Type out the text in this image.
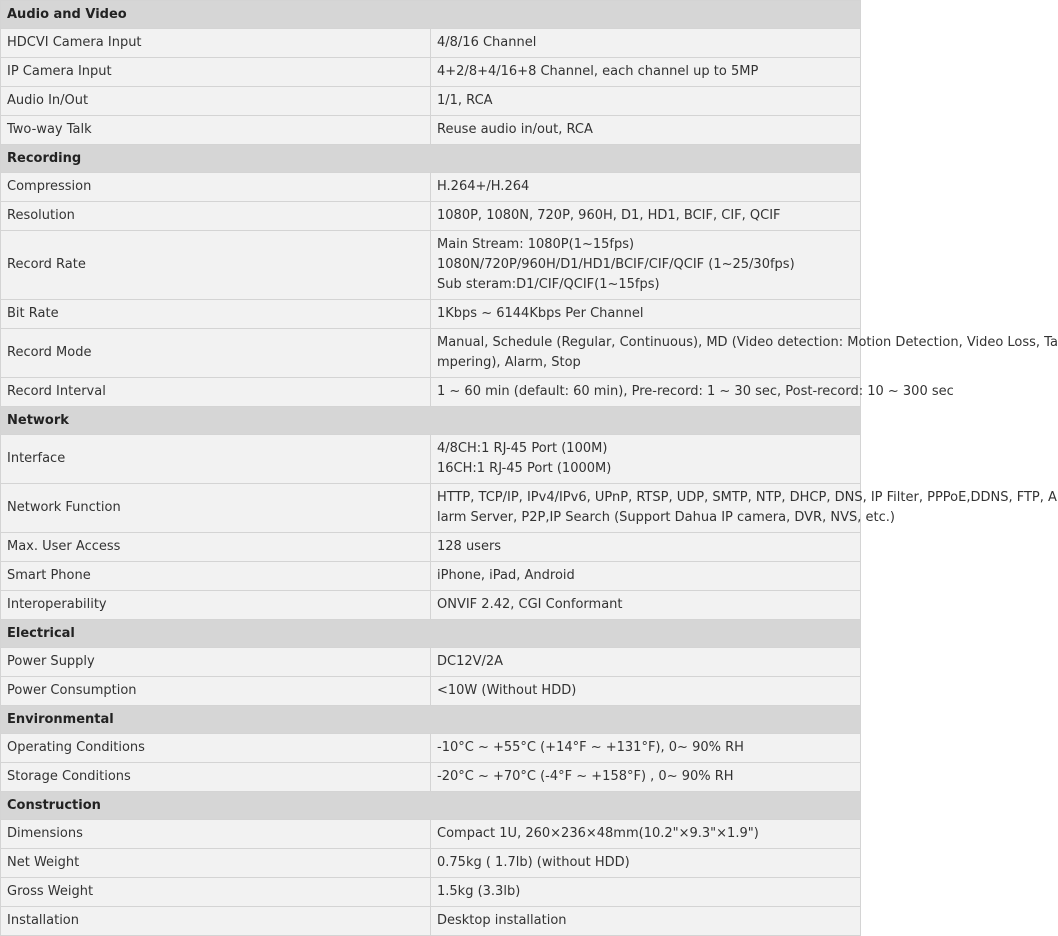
Audio and Video	
HDCVI Camera Input	4/8/16 Channel

IP Camera Input	4+2/8+4/16+8 Channel, each channel up to 5MP

Audio In/Out	1/1, RCA

Two-way Talk	Reuse audio in/out, RCA

Recording	
Compression	H.264+/H.264

Resolution	1080P, 1080N, 720P, 960H, D1, HD1, BCIF, CIF, QCIF

Record Rate	Main Stream: 1080P(1~15fps)
1080N/720P/960H/D1/HD1/BCIF/CIF/QCIF (1~25/30fps)
Sub steram:D1/CIF/QCIF(1~15fps)

Bit Rate	1Kbps ~ 6144Kbps Per Channel

Record Mode	Manual, Schedule (Regular, Continuous), MD (Video detection: Motion Detection, Video Loss, Ta
mpering), Alarm, Stop

Record Interval	1 ~ 60 min (default: 60 min), Pre-record: 1 ~ 30 sec, Post-record: 10 ~ 300 sec

Network	
Interface	4/8CH:1 RJ-45 Port (100M)
16CH:1 RJ-45 Port (1000M)

Network Function	HTTP, TCP/IP, IPv4/IPv6, UPnP, RTSP, UDP, SMTP, NTP, DHCP, DNS, IP Filter, PPPoE,DDNS, FTP, A
larm Server, P2P,IP Search (Support Dahua IP camera, DVR, NVS, etc.)

Max. User Access	128 users

Smart Phone	iPhone, iPad, Android

Interoperability	ONVIF 2.42, CGI Conformant

Electrical	
Power Supply	DC12V/2A

Power Consumption	<10W (Without HDD)

Environmental	
Operating Conditions	-10°C ~ +55°C (+14°F ~ +131°F), 0~ 90% RH

Storage Conditions	-20°C ~ +70°C (-4°F ~ +158°F) , 0~ 90% RH

Construction	
Dimensions	Compact 1U, 260×236×48mm(10.2"×9.3"×1.9")

Net Weight	0.75kg ( 1.7lb) (without HDD)

Gross Weight	1.5kg (3.3lb)

Installation	Desktop installation
